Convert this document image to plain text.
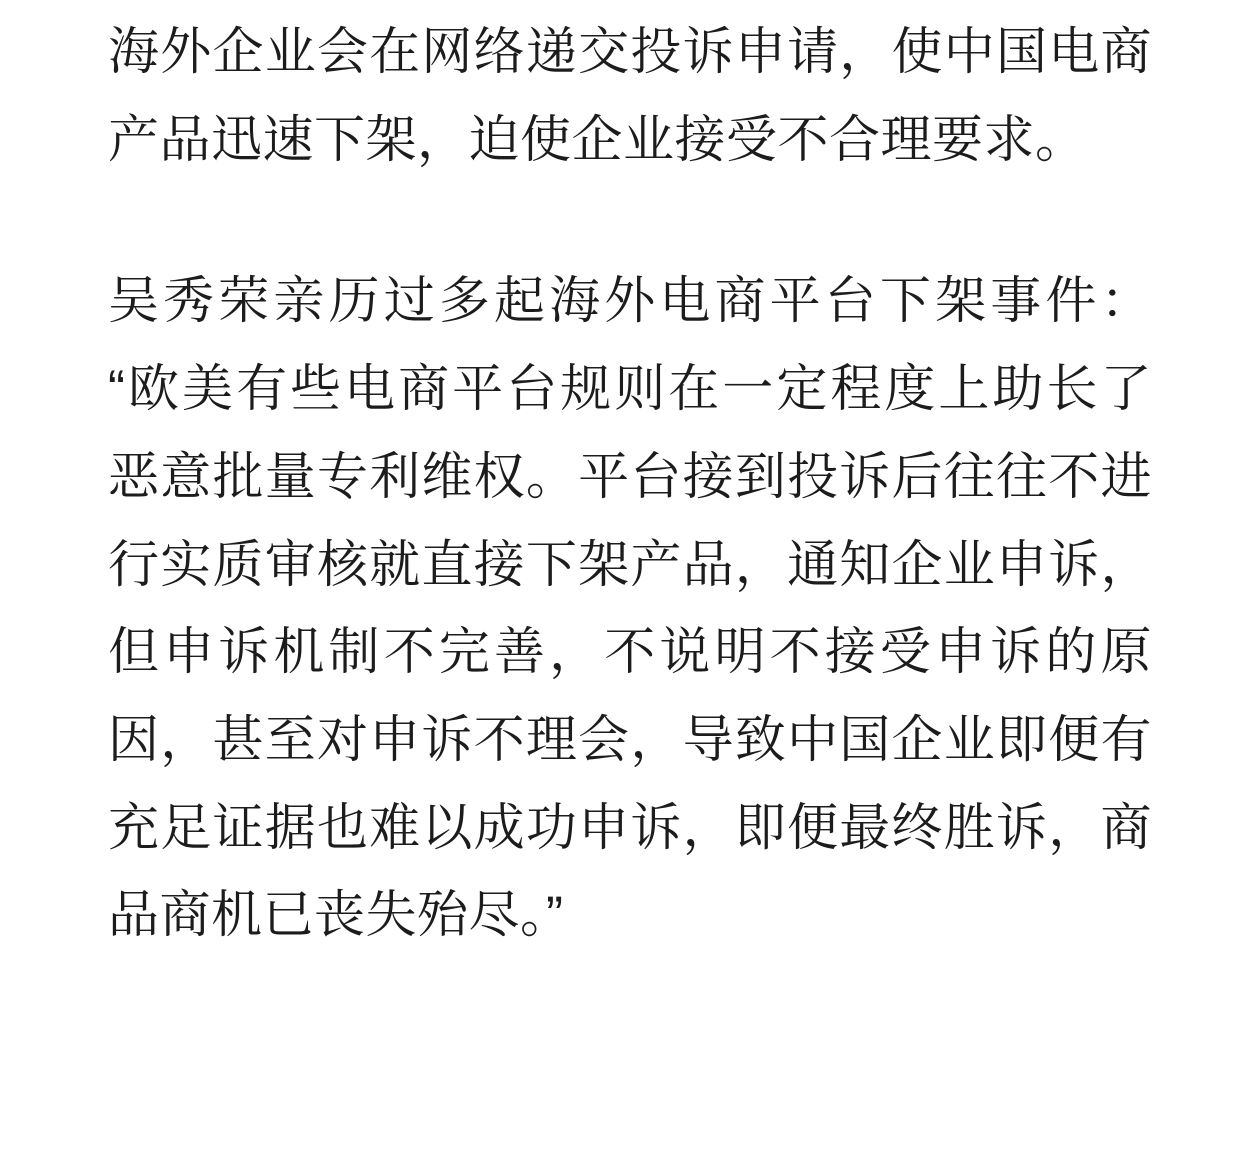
海外企业会在网络递交投诉申请，使中国电商产品迅速下架，迫使企业接受不合理要求。

吴秀荣亲历过多起海外电商平台下架事件：“欧美有些电商平台规则在一定程度上助长了恶意批量专利维权。平台接到投诉后往往不进行实质审核就直接下架产品，通知企业申诉，但申诉机制不完善，不说明不接受申诉的原因，甚至对申诉不理会，导致中国企业即便有充足证据也难以成功申诉，即便最终胜诉，商品商机已丧失殆尽。”
